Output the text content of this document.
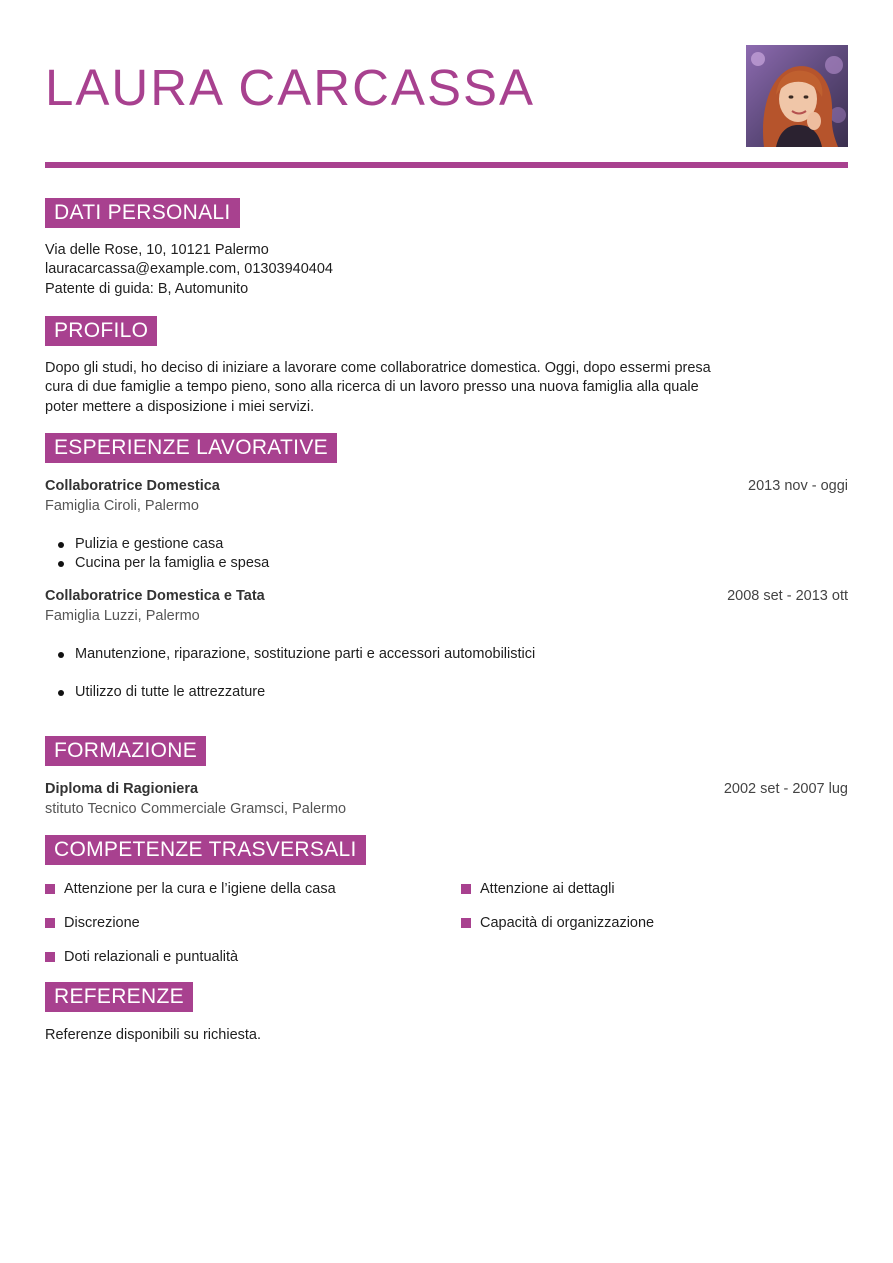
LAURA CARCASSA
DATI PERSONALI
Via delle Rose, 10, 10121 Palermo
lauracarcassa@example.com, 01303940404
Patente di guida: B, Automunito
PROFILO
Dopo gli studi, ho deciso di iniziare a lavorare come collaboratrice domestica. Oggi, dopo essermi presa
cura di due famiglie a tempo pieno, sono alla ricerca di un lavoro presso una nuova famiglia alla quale
poter mettere a disposizione i miei servizi.
ESPERIENZE LAVORATIVE
Collaboratrice Domestica	2013 nov - oggi
Famiglia Ciroli, Palermo
Pulizia e gestione casa
Cucina per la famiglia e spesa
Collaboratrice Domestica e Tata	2008 set - 2013 ott
Famiglia Luzzi, Palermo
Manutenzione, riparazione, sostituzione parti e accessori automobilistici
Utilizzo di tutte le attrezzature
FORMAZIONE
Diploma di Ragioniera	2002 set - 2007 lug
stituto Tecnico Commerciale Gramsci, Palermo
COMPETENZE TRASVERSALI
Attenzione per la cura e l’igiene della casa	Attenzione ai dettagli
Discrezione	Capacità di organizzazione
Doti relazionali e puntualità
REFERENZE
Referenze disponibili su richiesta.
